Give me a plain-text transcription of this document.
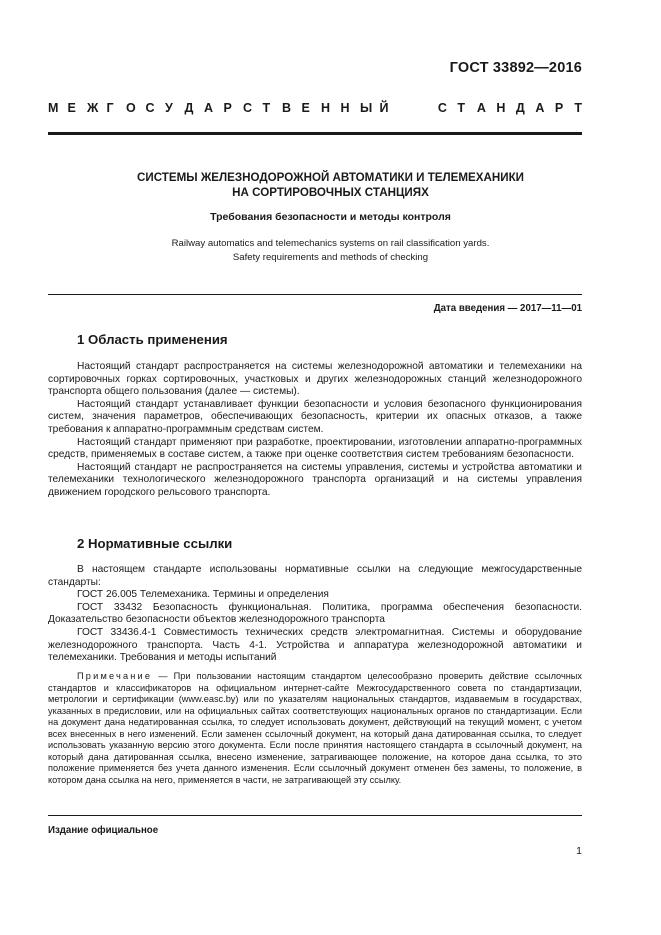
ГОСТ 33892—2016
М Е Ж Г О С У Д А Р С Т В Е Н Н Ы Й	С Т А Н Д А Р Т
СИСТЕМЫ ЖЕЛЕЗНОДОРОЖНОЙ АВТОМАТИКИ И ТЕЛЕМЕХАНИКИ
НА СОРТИРОВОЧНЫХ СТАНЦИЯХ
Требования безопасности и методы контроля
Railway automatics and telemechanics systems on rail classification yards.
Safety requirements and methods of checking
Дата введения — 2017—11—01
1 Область применения

Настоящий стандарт распространяется на системы железнодорожной автоматики и телемеханики на сортировочных горках сортировочных, участковых и других железнодорожных станций железнодорожного транспорта общего пользования (далее — системы).

Настоящий стандарт устанавливает функции безопасности и условия безопасного функционирования систем, значения параметров, обеспечивающих безопасность, критерии их опасных отказов, а также требования к аппаратно-программным средствам систем.

Настоящий стандарт применяют при разработке, проектировании, изготовлении аппаратно-программных средств, применяемых в составе систем, а также при оценке соответствия систем требованиям безопасности.

Настоящий стандарт не распространяется на системы управления, системы и устройства автоматики и телемеханики технологического железнодорожного транспорта организаций и на системы управления движением городского рельсового транспорта.

2 Нормативные ссылки

В настоящем стандарте использованы нормативные ссылки на следующие межгосударственные стандарты:

ГОСТ 26.005 Телемеханика. Термины и определения

ГОСТ 33432 Безопасность функциональная. Политика, программа обеспечения безопасности. Доказательство безопасности объектов железнодорожного транспорта

ГОСТ 33436.4-1 Совместимость технических средств электромагнитная. Системы и оборудование железнодорожного транспорта. Часть 4-1. Устройства и аппаратура железнодорожной автоматики и телемеханики. Требования и методы испытаний

Примечание — При пользовании настоящим стандартом целесообразно проверить действие ссылочных стандартов и классификаторов на официальном интернет-сайте Межгосударственного совета по стандартизации, метрологии и сертификации (www.easc.by) или по указателям национальных стандартов, издаваемым в государствах, указанных в предисловии, или на официальных сайтах соответствующих национальных органов по стандартизации. Если на документ дана недатированная ссылка, то следует использовать документ, действующий на текущий момент, с учетом всех внесенных в него изменений. Если заменен ссылочный документ, на который дана датированная ссылка, то следует использовать указанную версию этого документа. Если после принятия настоящего стандарта в ссылочный документ, на который дана датированная ссылка, внесено изменение, затрагивающее положение, на которое дана ссылка, то это положение применяется без учета данного изменения. Если ссылочный документ отменен без замены, то положение, в котором дана ссылка на него, применяется в части, не затрагивающей эту ссылку.

Издание официальное
1
